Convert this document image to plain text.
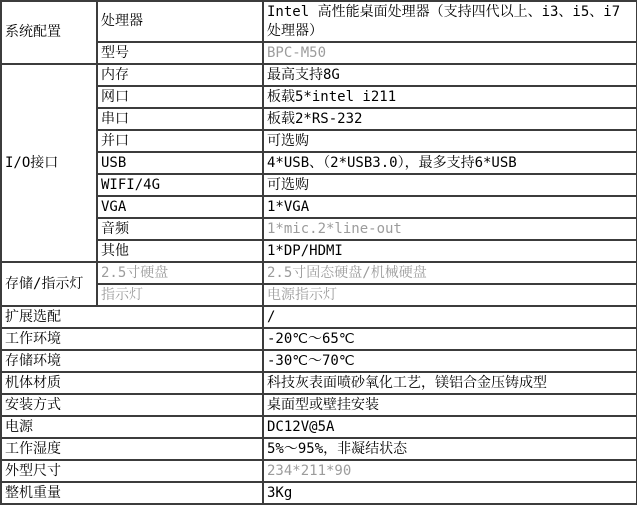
系统配置	处理器	Intel 高性能桌面处理器（支持四代以上、i3、i5、i7处理器）
	型号	BPC-M50
I/O接口	内存	最高支持8G
	网口	板载5*intel i211
	串口	板载2*RS-232
	并口	可选购
	USB	4*USB、（2*USB3.0），最多支持6*USB
	WIFI/4G	可选购
	VGA	1*VGA
	音频	1*mic.2*line-out
	其他	1*DP/HDMI
存储/指示灯	2.5寸硬盘	2.5寸固态硬盘/机械硬盘
	指示灯	电源指示灯
扩展选配		/
工作环境		-20℃～65℃
存储环境		-30℃～70℃
机体材质		科技灰表面喷砂氧化工艺，镁铝合金压铸成型
安装方式		桌面型或壁挂安装
电源		DC12V@5A
工作湿度		5%～95%，非凝结状态
外型尺寸		234*211*90
整机重量		3Kg
